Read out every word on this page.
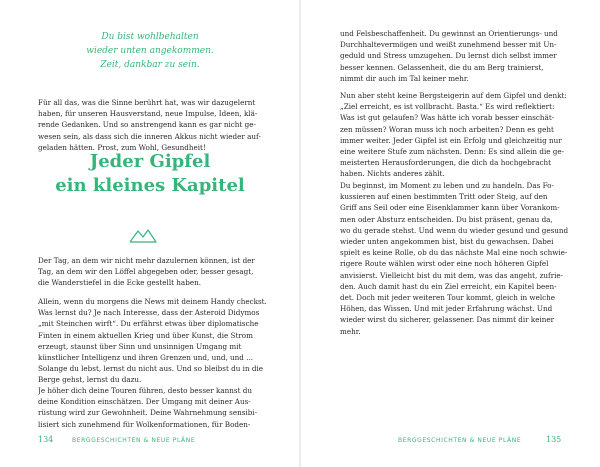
Du bist wohlbehalten
wieder unten angekommen.
Zeit, dankbar zu sein.
Für all das, was die Sinne berührt hat, was wir dazugelernt
haben, für unseren Hausverstand, neue Impulse, Ideen, klä-
rende Gedanken. Und so anstrengend kann es gar nicht ge-
wesen sein, als dass sich die inneren Akkus nicht wieder auf-
geladen hätten. Prost, zum Wohl, Gesundheit!
Jeder Gipfel
ein kleines Kapitel
Der Tag, an dem wir nicht mehr dazulernen können, ist der
Tag, an dem wir den Löffel abgegeben oder, besser gesagt,
die Wanderstiefel in die Ecke gestellt haben.
Allein, wenn du morgens die News mit deinem Handy checkst.
Was lernst du? Je nach Interesse, dass der Asteroid Didymos
„mit Steinchen wirft“. Du erfährst etwas über diplomatische
Finten in einem aktuellen Krieg und über Kunst, die Strom
erzeugt, staunst über Sinn und unsinnigen Umgang mit
künstlicher Intelligenz und ihren Grenzen und, und, und ...
Solange du lebst, lernst du nicht aus. Und so bleibst du in die
Berge gehst, lernst du dazu.
Je höher dich deine Touren führen, desto besser kannst du
deine Kondition einschätzen. Der Umgang mit deiner Aus-
rüstung wird zur Gewohnheit. Deine Wahrnehmung sensibi-
lisiert sich zunehmend für Wolkenformationen, für Boden-
134	BERGGESCHICHTEN & NEUE PLÄNE
und Felsbeschaffenheit. Du gewinnst an Orientierungs- und
Durchhaltevermögen und weißt zunehmend besser mit Un-
geduld und Stress umzugehen. Du lernst dich selbst immer
besser kennen. Gelassenheit, die du am Berg trainierst,
nimmt dir auch im Tal keiner mehr.
Nun aber steht keine Bergsteigerin auf dem Gipfel und denkt:
„Ziel erreicht, es ist vollbracht. Basta.“ Es wird reflektiert:
Was ist gut gelaufen? Was hätte ich vorab besser einschät-
zen müssen? Woran muss ich noch arbeiten? Denn es geht
immer weiter. Jeder Gipfel ist ein Erfolg und gleichzeitig nur
eine weitere Stufe zum nächsten. Denn: Es sind allein die ge-
meisterten Herausforderungen, die dich da hochgebracht
haben. Nichts anderes zählt.
Du beginnst, im Moment zu leben und zu handeln. Das Fo-
kussieren auf einen bestimmten Tritt oder Steig, auf den
Griff ans Seil oder eine Eisenklammer kann über Vorankom-
men oder Absturz entscheiden. Du bist präsent, genau da,
wo du gerade stehst. Und wenn du wieder gesund und gesund
wieder unten angekommen bist, bist du gewachsen. Dabei
spielt es keine Rolle, ob du das nächste Mal eine noch schwie-
rigere Route wählen wirst oder eine noch höheren Gipfel
anvisierst. Vielleicht bist du mit dem, was das angeht, zufrie-
den. Auch damit hast du ein Ziel erreicht, ein Kapitel been-
det. Doch mit jeder weiteren Tour kommt, gleich in welche
Höhen, das Wissen. Und mit jeder Erfahrung wächst. Und
wieder wirst du sicherer, gelassener. Das nimmt dir keiner
mehr.
BERGGESCHICHTEN & NEUE PLÄNE	135
